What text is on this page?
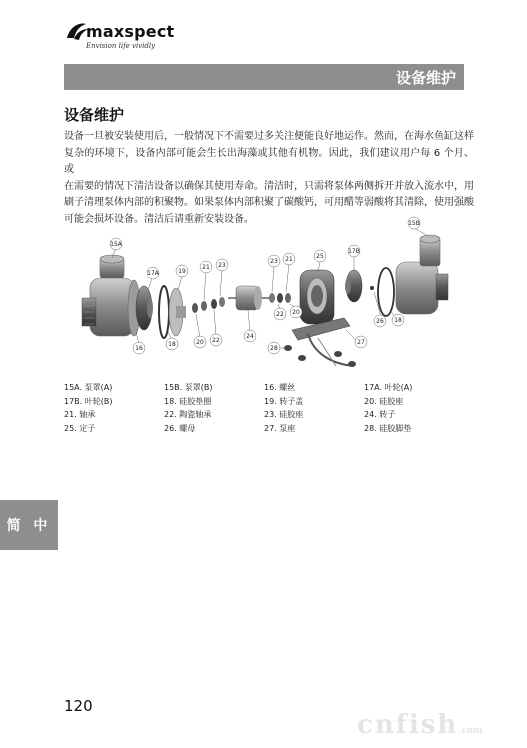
maxspect
Envision life vividly
设备维护
设备维护
设备一旦被安装使用后，一般情况下不需要过多关注便能良好地运作。然而，在海水鱼缸这样
复杂的环境下，设备内部可能会生长出海藻或其他有机物。因此，我们建议用户每 6 个月、或
在需要的情况下清洁设备以确保其使用寿命。清洁时，只需将泵体两侧拆开并放入流水中，用
刷子清理泵体内部的积聚物。如果泵体内部积聚了碳酸钙，可用醋等弱酸将其清除，使用强酸
可能会损坏设备。清洁后请重新安装设备。
15A
17A	19
21 23
23 21	25
17B
15B
16
18	20 22
24
22 20
28
27
26 18
15A. 泵罩(A)	15B. 泵罩(B)	16. 螺丝	17A. 叶轮(A)
17B. 叶轮(B)	18. 硅胶垫圈	19. 转子盖	20. 硅胶座
21. 轴承	22. 陶瓷轴承	23. 硅胶座	24. 转子
25. 定子	26. 螺母	27. 泵座	28. 硅胶脚垫
简 中
120
cnfish.com
